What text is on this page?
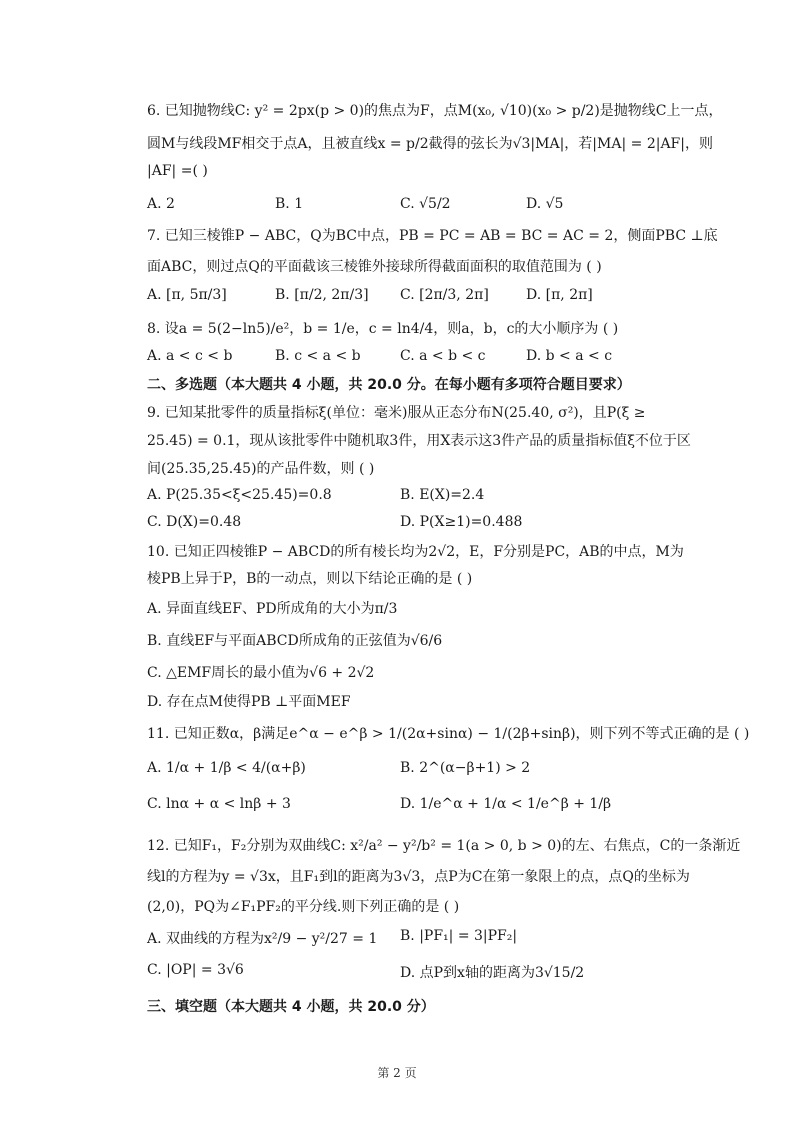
6. 已知抛物线C: y² = 2px(p > 0)的焦点为F，点M(x₀, √10)(x₀ > p/2)是抛物线C上一点，
圆M与线段MF相交于点A，且被直线x = p/2截得的弦长为√3|MA|，若|MA| = 2|AF|，则
|AF| =( )
A. 2	B. 1	C. √5/2	D. √5
7. 已知三棱锥P − ABC，Q为BC中点，PB = PC = AB = BC = AC = 2，侧面PBC ⊥底
面ABC，则过点Q的平面截该三棱锥外接球所得截面面积的取值范围为 ( )
A. [π, 5π/3]	B. [π/2, 2π/3] C. [2π/3, 2π]	D. [π, 2π]
8. 设a = 5(2−ln5)/e²，b = 1/e，c = ln4/4，则a，b，c的大小顺序为 ( )
A. a < c < b	B. c < a < b	C. a < b < c	D. b < a < c
二、多选题（本大题共 4 小题，共 20.0 分。在每小题有多项符合题目要求）
9. 已知某批零件的质量指标ξ(单位：毫米)服从正态分布N(25.40, σ²)，且P(ξ ≥
25.45) = 0.1，现从该批零件中随机取3件，用X表示这3件产品的质量指标值ξ不位于区
间(25.35,25.45)的产品件数，则 ( )
A. P(25.35<ξ<25.45)=0.8	B. E(X)=2.4
C. D(X)=0.48	D. P(X≥1)=0.488
10. 已知正四棱锥P − ABCD的所有棱长均为2√2，E，F分别是PC，AB的中点，M为
棱PB上异于P，B的一动点，则以下结论正确的是 ( )
A. 异面直线EF、PD所成角的大小为π/3
B. 直线EF与平面ABCD所成角的正弦值为√6/6
C. △EMF周长的最小值为√6 + 2√2
D. 存在点M使得PB ⊥平面MEF
11. 已知正数α，β满足e^α − e^β > 1/(2α+sinα) − 1/(2β+sinβ)，则下列不等式正确的是 ( )
A. 1/α + 1/β < 4/(α+β)	B. 2^(α−β+1) > 2
C. lnα + α < lnβ + 3	D. 1/e^α + 1/α < 1/e^β + 1/β
12. 已知F₁，F₂分别为双曲线C: x²/a² − y²/b² = 1(a > 0, b > 0)的左、右焦点，C的一条渐近
线l的方程为y = √3x，且F₁到l的距离为3√3，点P为C在第一象限上的点，点Q的坐标为
(2,0)，PQ为∠F₁PF₂的平分线.则下列正确的是 ( )
A. 双曲线的方程为x²/9 − y²/27 = 1 B. |PF₁| = 3|PF₂|
C. |OP| = 3√6	D. 点P到x轴的距离为3√15/2
三、填空题（本大题共 4 小题，共 20.0 分）
第 2 页
